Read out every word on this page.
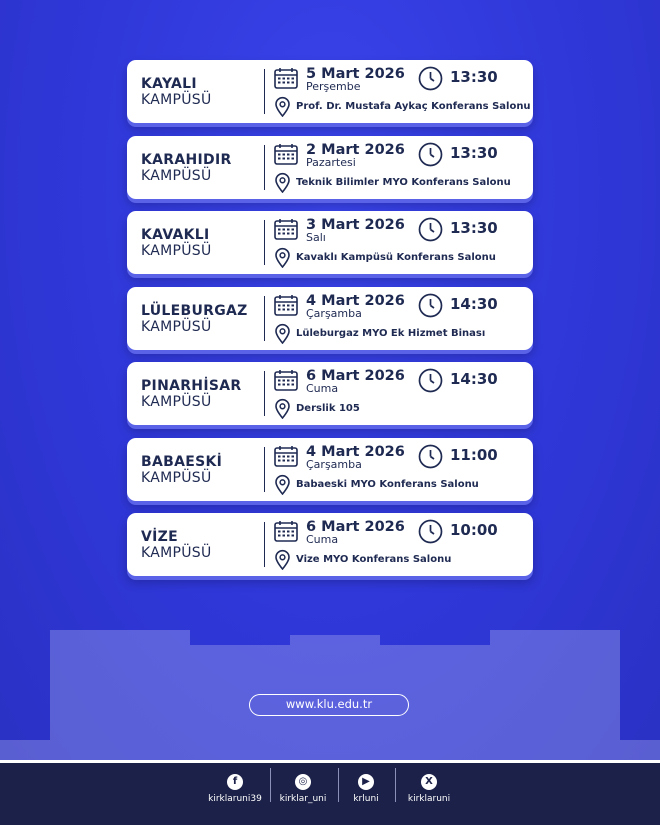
KAYALI
KAMPÜSÜ
5 Mart 2026
Perşembe
13:30
Prof. Dr. Mustafa Aykaç Konferans Salonu
KARAHIDIR
KAMPÜSÜ
2 Mart 2026
Pazartesi
13:30
Teknik Bilimler MYO Konferans Salonu
KAVAKLI
KAMPÜSÜ
3 Mart 2026
Salı
13:30
Kavaklı Kampüsü Konferans Salonu
LÜLEBURGAZ
KAMPÜSÜ
4 Mart 2026
Çarşamba
14:30
Lüleburgaz MYO Ek Hizmet Binası
PINARHİSAR
KAMPÜSÜ
6 Mart 2026
Cuma
14:30
Derslik 105
BABAESKİ
KAMPÜSÜ
4 Mart 2026
Çarşamba
11:00
Babaeski MYO Konferans Salonu
VİZE
KAMPÜSÜ
6 Mart 2026
Cuma
10:00
Vize MYO Konferans Salonu
www.klu.edu.tr
f
kirklaruni39
◎
kirklar_uni
▶
krluni
X
kirklaruni
